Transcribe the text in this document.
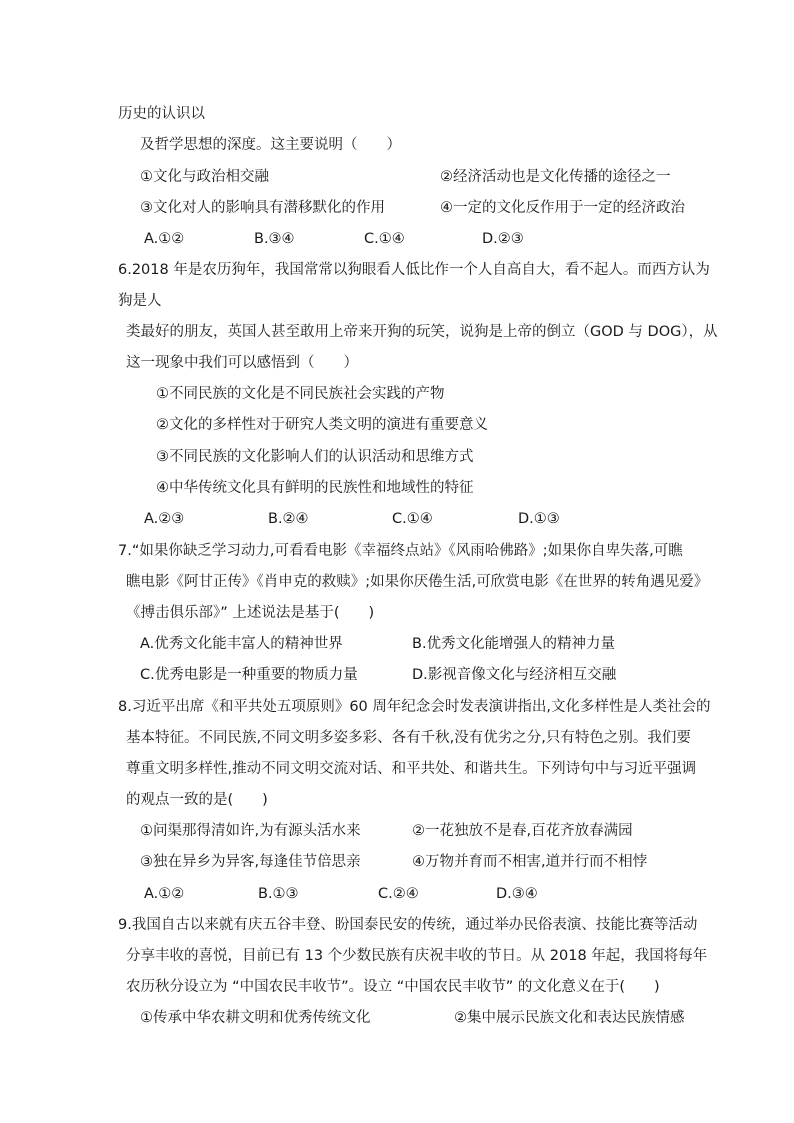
历史的认识以
及哲学思想的深度。这主要说明（　　）
①文化与政治相交融	②经济活动也是文化传播的途径之一
③文化对人的影响具有潜移默化的作用	④一定的文化反作用于一定的经济政治
A.①②	B.③④	C.①④	D.②③
6.2018 年是农历狗年，我国常常以狗眼看人低比作一个人自高自大，看不起人。而西方认为
狗是人
类最好的朋友，英国人甚至敢用上帝来开狗的玩笑，说狗是上帝的倒立（GOD 与 DOG），从
这一现象中我们可以感悟到（　　）
①不同民族的文化是不同民族社会实践的产物
②文化的多样性对于研究人类文明的演进有重要意义
③不同民族的文化影响人们的认识活动和思维方式
④中华传统文化具有鲜明的民族性和地域性的特征
A.②③	B.②④	C.①④	D.①③
7.“如果你缺乏学习动力,可看看电影《幸福终点站》《风雨哈佛路》;如果你自卑失落,可瞧
瞧电影《阿甘正传》《肖申克的救赎》;如果你厌倦生活,可欣赏电影《在世界的转角遇见爱》
《搏击俱乐部》” 上述说法是基于(　　)
A.优秀文化能丰富人的精神世界	B.优秀文化能增强人的精神力量
C.优秀电影是一种重要的物质力量	D.影视音像文化与经济相互交融
8.习近平出席《和平共处五项原则》60 周年纪念会时发表演讲指出,文化多样性是人类社会的
基本特征。不同民族,不同文明多姿多彩、各有千秋,没有优劣之分,只有特色之别。我们要
尊重文明多样性,推动不同文明交流对话、和平共处、和谐共生。下列诗句中与习近平强调
的观点一致的是(　　)
①问渠那得清如许,为有源头活水来	②一花独放不是春,百花齐放春满园
③独在异乡为异客,每逢佳节倍思亲	④万物并育而不相害,道并行而不相悖
A.①②	B.①③	C.②④	D.③④
9.我国自古以来就有庆五谷丰登、盼国泰民安的传统，通过举办民俗表演、技能比赛等活动
分享丰收的喜悦，目前已有 13 个少数民族有庆祝丰收的节日。从 2018 年起，我国将每年
农历秋分设立为 “中国农民丰收节”。设立 “中国农民丰收节” 的文化意义在于(　　)
①传承中华农耕文明和优秀传统文化	②集中展示民族文化和表达民族情感
